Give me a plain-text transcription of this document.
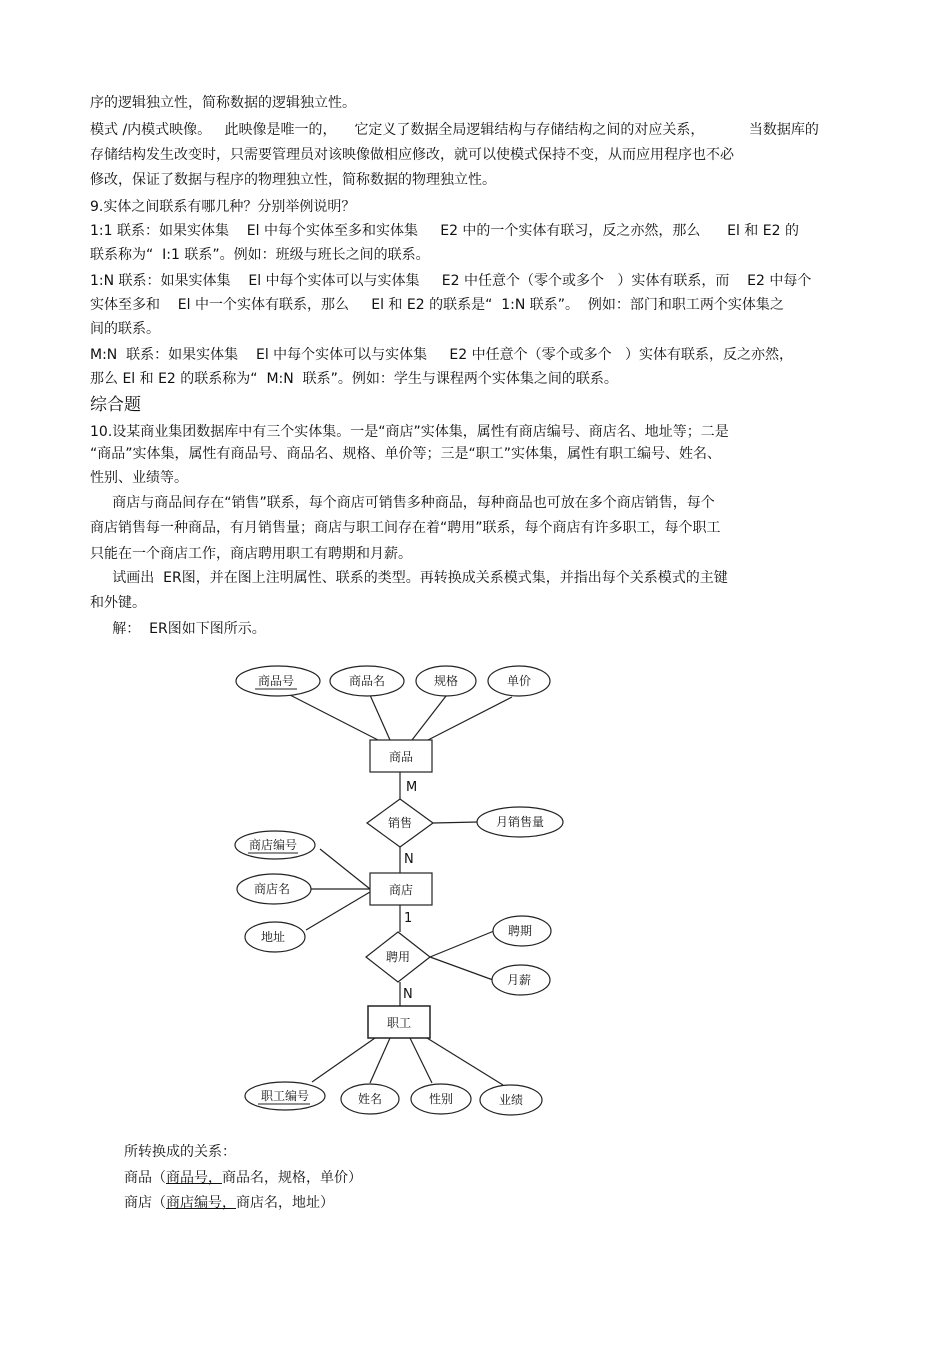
序的逻辑独立性，简称数据的逻辑独立性。
模式 /内模式映像。   此映像是唯一的，    它定义了数据全局逻辑结构与存储结构之间的对应关系，          当数据库的
存储结构发生改变时，只需要管理员对该映像做相应修改，就可以使模式保持不变，从而应用程序也不必
修改，保证了数据与程序的物理独立性，简称数据的物理独立性。
9.实体之间联系有哪几种？分别举例说明？
1:1 联系：如果实体集    El 中每个实体至多和实体集     E2 中的一个实体有联习，反之亦然，那么      El 和 E2 的
联系称为“  I:1 联系”。例如：班级与班长之间的联系。
1:N 联系：如果实体集    El 中每个实体可以与实体集     E2 中任意个（零个或多个   ）实体有联系，而    E2 中每个
实体至多和    El 中一个实体有联系，那么     El 和 E2 的联系是“  1:N 联系”。  例如：部门和职工两个实体集之
间的联系。
M:N  联系：如果实体集    El 中每个实体可以与实体集     E2 中任意个（零个或多个   ）实体有联系，反之亦然，
那么 El 和 E2 的联系称为“  M:N  联系”。例如：学生与课程两个实体集之间的联系。
综合题
10.设某商业集团数据库中有三个实体集。一是“商店”实体集，属性有商店编号、商店名、地址等；二是
“商品”实体集，属性有商品号、商品名、规格、单价等；三是“职工”实体集，属性有职工编号、姓名、
性别、业绩等。
商店与商品间存在“销售”联系，每个商店可销售多种商品，每种商品也可放在多个商店销售，每个
商店销售每一种商品，有月销售量；商店与职工间存在着“聘用”联系，每个商店有许多职工，每个职工
只能在一个商店工作，商店聘用职工有聘期和月薪。
试画出  ER图，并在图上注明属性、联系的类型。再转换成关系模式集，并指出每个关系模式的主键
和外键。
解：  ER图如下图所示。
商品
商店
职工
销售
聘用
商品号	商品名	规格	单价
月销售量
商店编号
商店名
地址	聘期
月薪
职工编号	姓名	性别	业绩
M
N
1
N
所转换成的关系：
商品（商品号，商品名，规格，单价）
商店（商店编号，商店名，地址）
